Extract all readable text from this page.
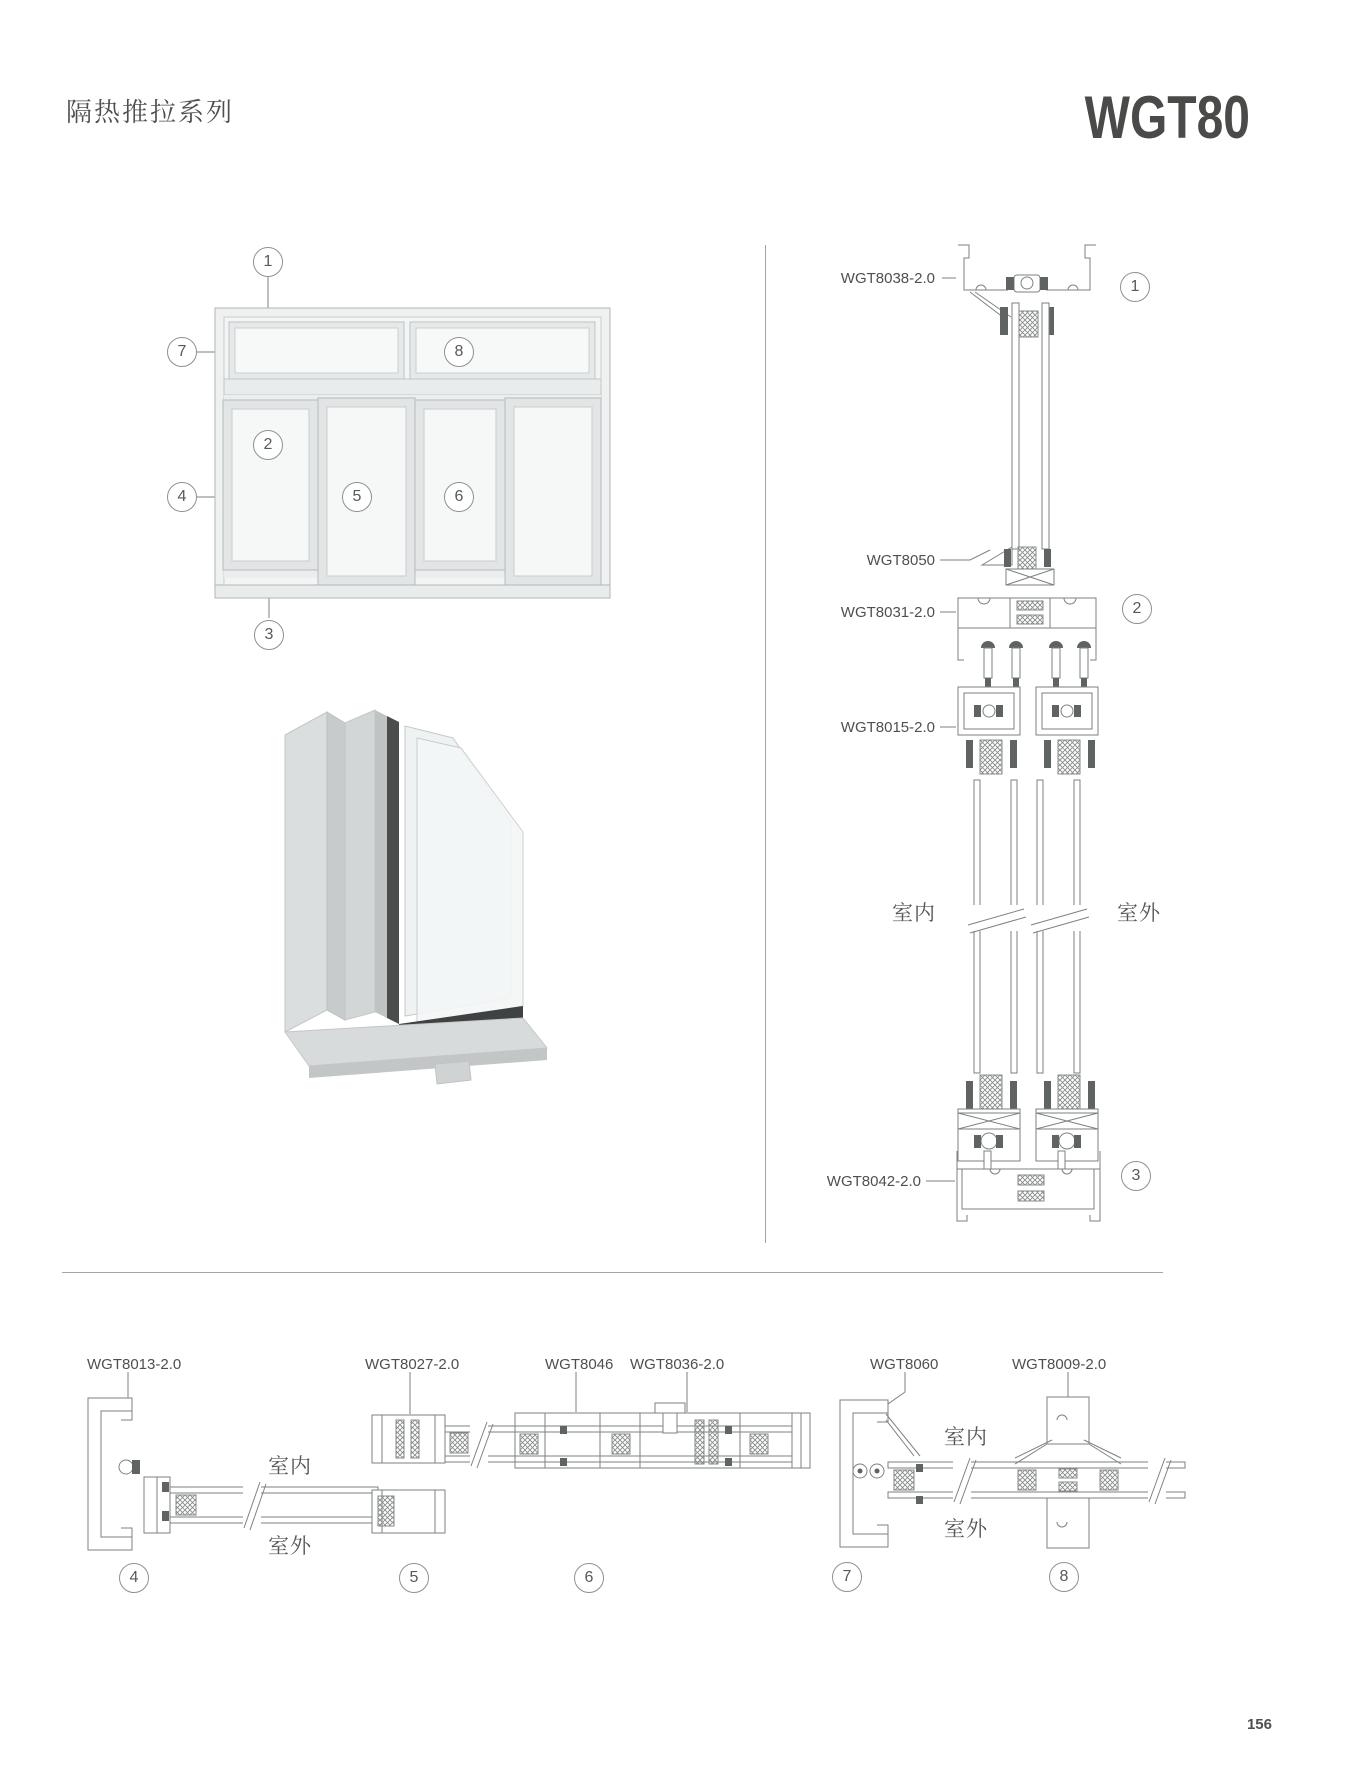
隔热推拉系列	WGT80
1
2
3
4	5	6
7	8
WGT8038-2.0
WGT8050
WGT8031-2.0
WGT8015-2.0
WGT8042-2.0
1
2
3
室内	室外
WGT8013-2.0	WGT8027-2.0	WGT8046 WGT8036-2.0	WGT8060	WGT8009-2.0
室内
室外
室内
室外
4	5	6	7	8
156
